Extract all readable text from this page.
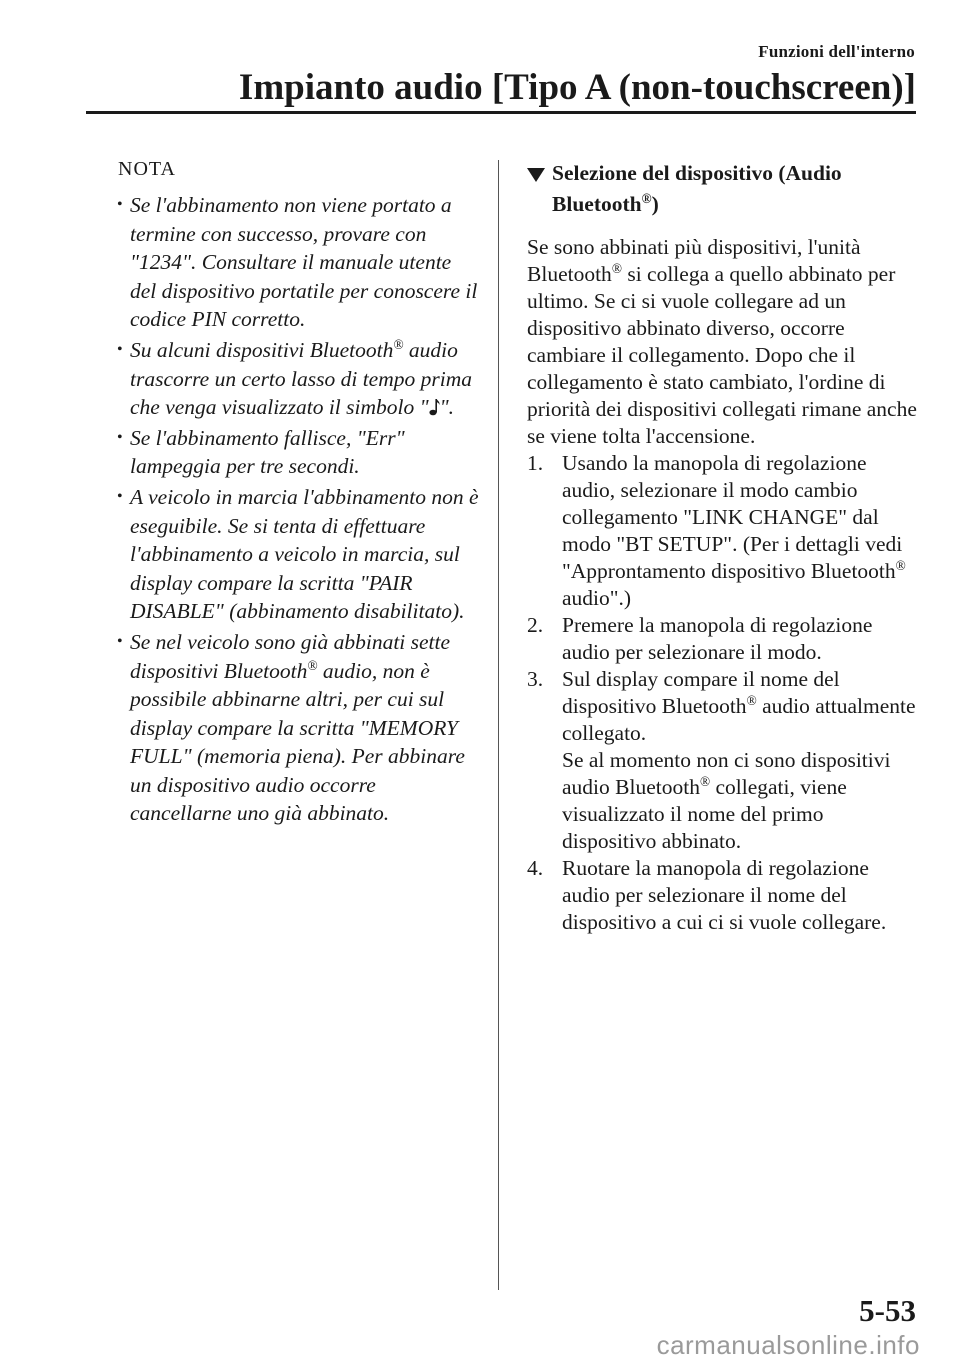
Funzioni dell'interno
Impianto audio [Tipo A (non-touchscreen)]
NOTA
• Se l'abbinamento non viene portato a termine con successo, provare con "1234". Consultare il manuale utente del dispositivo portatile per conoscere il codice PIN corretto.
• Su alcuni dispositivi Bluetooth® audio trascorre un certo lasso di tempo prima che venga visualizzato il simbolo " ".
• Se l'abbinamento fallisce, "Err" lampeggia per tre secondi.
• A veicolo in marcia l'abbinamento non è eseguibile. Se si tenta di effettuare l'abbinamento a veicolo in marcia, sul display compare la scritta "PAIR DISABLE" (abbinamento disabilitato).
• Se nel veicolo sono già abbinati sette dispositivi Bluetooth® audio, non è possibile abbinarne altri, per cui sul display compare la scritta "MEMORY FULL" (memoria piena). Per abbinare un dispositivo audio occorre cancellarne uno già abbinato.
Selezione del dispositivo (Audio Bluetooth®)
Se sono abbinati più dispositivi, l'unità Bluetooth® si collega a quello abbinato per ultimo. Se ci si vuole collegare ad un dispositivo abbinato diverso, occorre cambiare il collegamento. Dopo che il collegamento è stato cambiato, l'ordine di priorità dei dispositivi collegati rimane anche se viene tolta l'accensione.
1. Usando la manopola di regolazione audio, selezionare il modo cambio collegamento "LINK CHANGE" dal modo "BT SETUP". (Per i dettagli vedi "Approntamento dispositivo Bluetooth® audio".)
2. Premere la manopola di regolazione audio per selezionare il modo.
3. Sul display compare il nome del dispositivo Bluetooth® audio attualmente collegato.
Se al momento non ci sono dispositivi audio Bluetooth® collegati, viene visualizzato il nome del primo dispositivo abbinato.
4. Ruotare la manopola di regolazione audio per selezionare il nome del dispositivo a cui ci si vuole collegare.
5-53
carmanualsonline.info
